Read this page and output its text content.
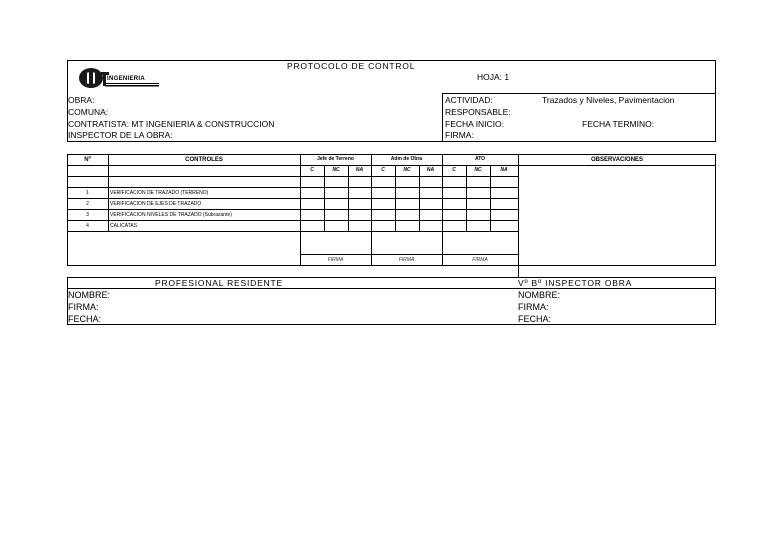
INGENIERIA
PROTOCOLO DE CONTROL
HOJA: 1
OBRA:
COMUNA:
CONTRATISTA: MT INGENIERIA & CONSTRUCCION
INSPECTOR DE LA OBRA:
ACTIVIDAD:	Trazados y Niveles, Pavimentacion
RESPONSABLE:
FECHA INICIO:	FECHA TERMINO:
FIRMA:
Nº	CONTROLES	Jefe de Terreno	Adm de Obra	ATO	OBSERVACIONES
C	NC	NA	C	NC	NA	C	NC	NA
1	VERIFICACION DE TRAZADO (TERRENO)
2	VERIFICACION DE EJES DE TRAZADO
3	VERIFICACION NIVELES DE TRAZADO (Subrazante)
4	CALICATAS
FIRMA	FIRMA	FIRMA
PROFESIONAL RESIDENTE	Vº Bº INSPECTOR OBRA
NOMBRE:
FIRMA:
FECHA:
NOMBRE:
FIRMA:
FECHA:
